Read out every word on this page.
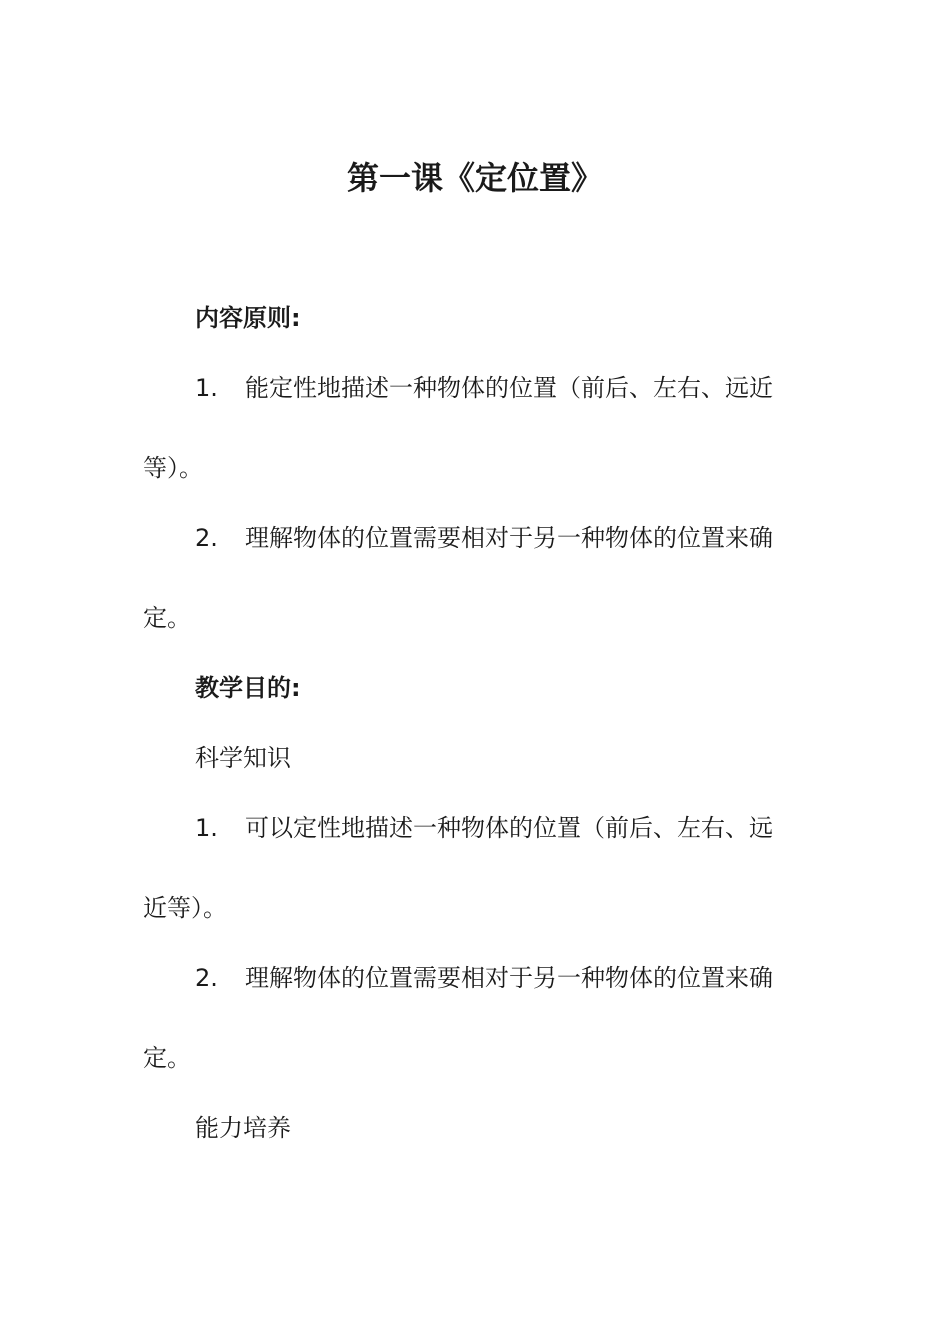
第一课《定位置》
内容原则:
1. 能定性地描述一种物体的位置（前后、左右、远近
等）。
2. 理解物体的位置需要相对于另一种物体的位置来确
定。
教学目的:
科学知识
1. 可以定性地描述一种物体的位置（前后、左右、远
近等）。
2. 理解物体的位置需要相对于另一种物体的位置来确
定。
能力培养
